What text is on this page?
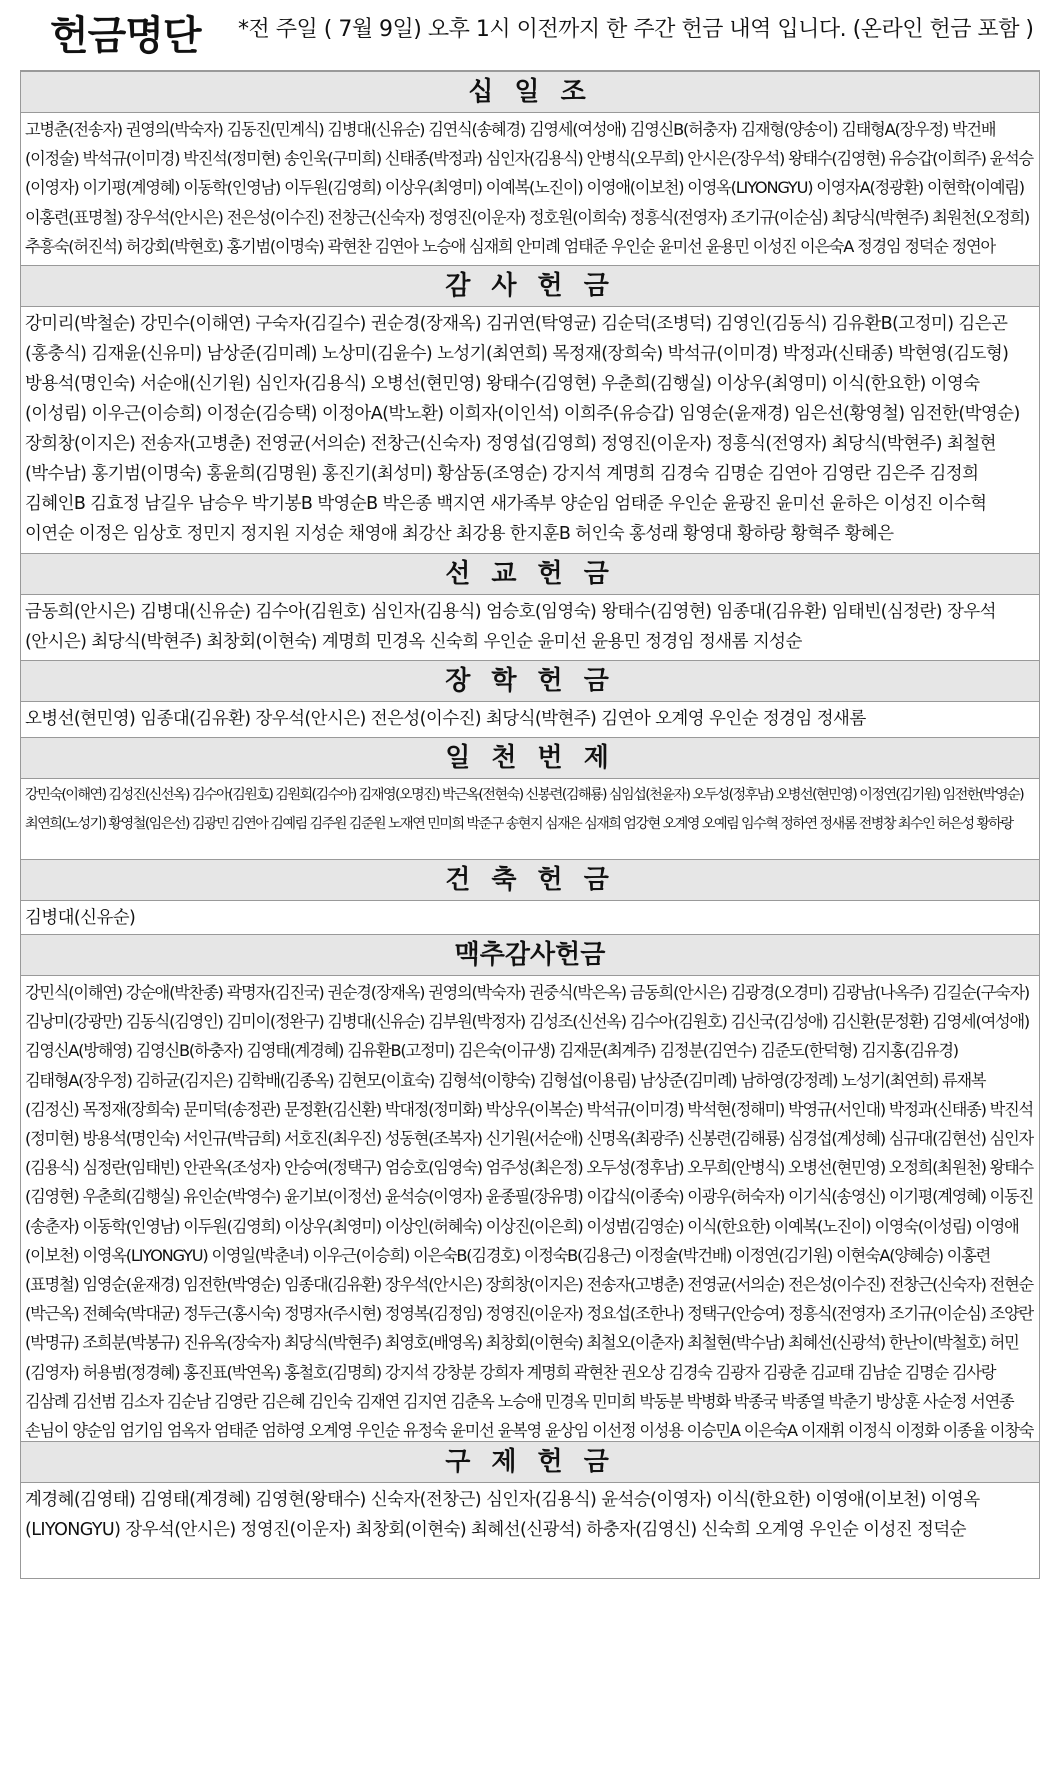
헌금명단 *전 주일 ( 7월 9일) 오후 1시 이전까지 한 주간 헌금 내역 입니다. (온라인 헌금 포함 )
십 일 조
고병춘(전송자) 권영의(박숙자) 김동진(민계식) 김병대(신유순) 김연식(송혜경) 김영세(여성애) 김영신B(허충자) 김재형(양송이) 김태형A(장우정) 박건배(이정술) 박석규(이미경) 박진석(정미현) 송인욱(구미희) 신태종(박정과) 심인자(김용식) 안병식(오무희) 안시은(장우석) 왕태수(김영현) 유승갑(이희주) 윤석승(이영자) 이기평(계영혜) 이동학(인영남) 이두원(김영희) 이상우(최영미) 이예복(노진이) 이영애(이보천) 이영옥(LIYONGYU) 이영자A(정광환) 이현학(이예림) 이홍련(표명철) 장우석(안시은) 전은성(이수진) 전창근(신숙자) 정영진(이운자) 정호원(이희숙) 정흥식(전영자) 조기규(이순심) 최당식(박현주) 최원천(오정희) 추흥숙(허진석) 허강회(박현호) 홍기범(이명숙) 곽현찬 김연아 노승애 심재희 안미례 엄태준 우인순 윤미선 윤용민 이성진 이은숙A 정경임 정덕순 정연아
감 사 헌 금
강미리(박철순) 강민수(이해연) 구숙자(김길수) 권순경(장재옥) 김귀연(탁영균) 김순덕(조병덕) 김영인(김동식) 김유환B(고정미) 김은곤(홍충식) 김재윤(신유미) 남상준(김미례) 노상미(김윤수) 노성기(최연희) 목정재(장희숙) 박석규(이미경) 박정과(신태종) 박현영(김도형) 방용석(명인숙) 서순애(신기원) 심인자(김용식) 오병선(현민영) 왕태수(김영현) 우춘희(김행실) 이상우(최영미) 이식(한요한) 이영숙(이성림) 이우근(이승희) 이정순(김승택) 이정아A(박노환) 이희자(이인석) 이희주(유승갑) 임영순(윤재경) 임은선(황영철) 임전한(박영순) 장희창(이지은) 전송자(고병춘) 전영균(서의순) 전창근(신숙자) 정영섭(김영희) 정영진(이운자) 정흥식(전영자) 최당식(박현주) 최철현(박수남) 홍기범(이명숙) 홍윤희(김명원) 홍진기(최성미) 황삼동(조영순) 강지석 계명희 김경숙 김명순 김연아 김영란 김은주 김정희 김혜인B 김효정 남길우 남승우 박기봉B 박영순B 박은종 백지연 새가족부 양순임 엄태준 우인순 윤광진 윤미선 윤하은 이성진 이수혁 이연순 이정은 임상호 정민지 정지원 지성순 채영애 최강산 최강용 한지훈B 허인숙 홍성래 황영대 황하랑 황혁주 황혜은
선 교 헌 금
금동희(안시은) 김병대(신유순) 김수아(김원호) 심인자(김용식) 엄승호(임영숙) 왕태수(김영현) 임종대(김유환) 임태빈(심정란) 장우석(안시은) 최당식(박현주) 최창회(이현숙) 계명희 민경옥 신숙희 우인순 윤미선 윤용민 정경임 정새롬 지성순
장 학 헌 금
오병선(현민영) 임종대(김유환) 장우석(안시은) 전은성(이수진) 최당식(박현주) 김연아 오계영 우인순 정경임 정새롬
일 천 번 제
강민숙(이해연) 김성진(신선옥) 김수아(김원호) 김원회(김수아) 김재영(오명진) 박근옥(전현숙) 신봉련(김해룡) 심임섭(천윤자) 오두성(정후남) 오병선(현민영) 이정연(김기원) 임전한(박영순) 최연희(노성기) 황영철(임은선) 김광민 김연아 김예림 김주원 김준원 노재연 민미희 박준구 송현지 심재은 심재희 엄강현 오계영 오예림 임수혁 정하연 정새롬 전병창 최수인 허은성 황하랑
건 축 헌 금
김병대(신유순)
맥추감사헌금
강민식(이해연) 강순애(박찬종) 곽명자(김진국) 권순경(장재옥) 권영의(박숙자) 권중식(박은옥) 금동희(안시은) 김광경(오경미) 김광남(나옥주) 김길순(구숙자) 김낭미(강광만) 김동식(김영인) 김미이(정완구) 김병대(신유순) 김부원(박정자) 김성조(신선옥) 김수아(김원호) 김신국(김성애) 김신환(문정환) 김영세(여성애) 김영신A(방해영) 김영신B(하충자) 김영태(계경혜) 김유환B(고정미) 김은숙(이규생) 김재문(최계주) 김정분(김연수) 김준도(한덕형) 김지홍(김유경) 김태형A(장우정) 김하균(김지은) 김학배(김종옥) 김현모(이효숙) 김형석(이향숙) 김형섭(이용림) 남상준(김미례) 남하영(강정례) 노성기(최연희) 류재복(김정신) 목정재(장희숙) 문미덕(송정관) 문정환(김신환) 박대정(정미화) 박상우(이복순) 박석규(이미경) 박석현(정해미) 박영규(서인대) 박정과(신태종) 박진석(정미현) 방용석(명인숙) 서인규(박금희) 서호진(최우진) 성동현(조복자) 신기원(서순애) 신명옥(최광주) 신봉련(김해룡) 심경섭(계성혜) 심규대(김현선) 심인자(김용식) 심정란(임태빈) 안관옥(조성자) 안승여(정택구) 엄승호(임영숙) 엄주성(최은정) 오두성(정후남) 오무희(안병식) 오병선(현민영) 오정희(최원천) 왕태수(김영현) 우춘희(김행실) 유인순(박영수) 윤기보(이정선) 윤석승(이영자) 윤종필(장유명) 이갑식(이종숙) 이광우(허숙자) 이기식(송영신) 이기평(계영혜) 이동진(송춘자) 이동학(인영남) 이두원(김영희) 이상우(최영미) 이상인(허혜숙) 이상진(이은희) 이성범(김영순) 이식(한요한) 이예복(노진이) 이영숙(이성림) 이영애(이보천) 이영옥(LIYONGYU) 이영일(박춘녀) 이우근(이승희) 이은숙B(김경호) 이정숙B(김용근) 이정술(박건배) 이정연(김기원) 이현숙A(양혜승) 이홍련(표명철) 임영순(윤재경) 임전한(박영순) 임종대(김유환) 장우석(안시은) 장희창(이지은) 전송자(고병춘) 전영균(서의순) 전은성(이수진) 전창근(신숙자) 전현순(박근옥) 전혜숙(박대균) 정두근(홍시숙) 정명자(주시현) 정영복(김정임) 정영진(이운자) 정요섭(조한나) 정택구(안승여) 정흥식(전영자) 조기규(이순심) 조양란(박명규) 조희분(박봉규) 진유옥(장숙자) 최당식(박현주) 최영호(배영옥) 최창회(이현숙) 최철오(이춘자) 최철현(박수남) 최혜선(신광석) 한난이(박철호) 허민(김영자) 허용범(정경혜) 홍진표(박연옥) 홍철호(김명희) 강지석 강창분 강희자 계명희 곽현찬 권오상 김경숙 김광자 김광춘 김교태 김남순 김명순 김사랑 김삼례 김선범 김소자 김순남 김영란 김은혜 김인숙 김재연 김지연 김춘옥 노승애 민경옥 민미희 박동분 박병화 박종국 박종열 박춘기 방상훈 사순정 서연종 손님이 양순임 엄기임 엄옥자 엄태준 엄하영 오계영 우인순 유정숙 윤미선 윤복영 윤상임 이선정 이성용 이승민A 이은숙A 이재휘 이정식 이정화 이종율 이창숙
구 제 헌 금
계경혜(김영태) 김영태(계경혜) 김영현(왕태수) 신숙자(전창근) 심인자(김용식) 윤석승(이영자) 이식(한요한) 이영애(이보천) 이영옥(LIYONGYU) 장우석(안시은) 정영진(이운자) 최창회(이현숙) 최혜선(신광석) 하충자(김영신) 신숙희 오계영 우인순 이성진 정덕순
